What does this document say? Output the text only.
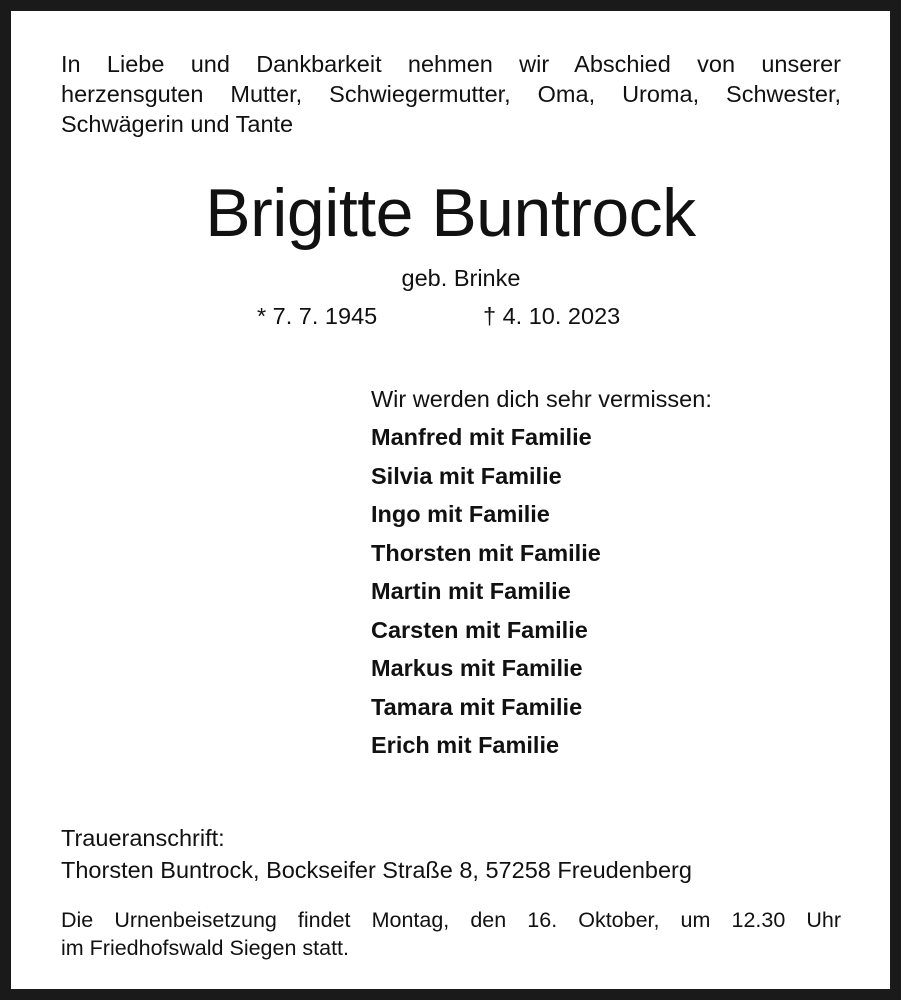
In Liebe und Dankbarkeit nehmen wir Abschied von unserer
herzensguten Mutter, Schwiegermutter, Oma, Uroma, Schwester,
Schwägerin und Tante
Brigitte Buntrock
geb. Brinke
* 7. 7. 1945	† 4. 10. 2023
Wir werden dich sehr vermissen:
Manfred mit Familie
Silvia mit Familie
Ingo mit Familie
Thorsten mit Familie
Martin mit Familie
Carsten mit Familie
Markus mit Familie
Tamara mit Familie
Erich mit Familie
Traueranschrift:
Thorsten Buntrock, Bockseifer Straße 8, 57258 Freudenberg
Die Urnenbeisetzung findet Montag, den 16. Oktober, um 12.30 Uhr
im Friedhofswald Siegen statt.
